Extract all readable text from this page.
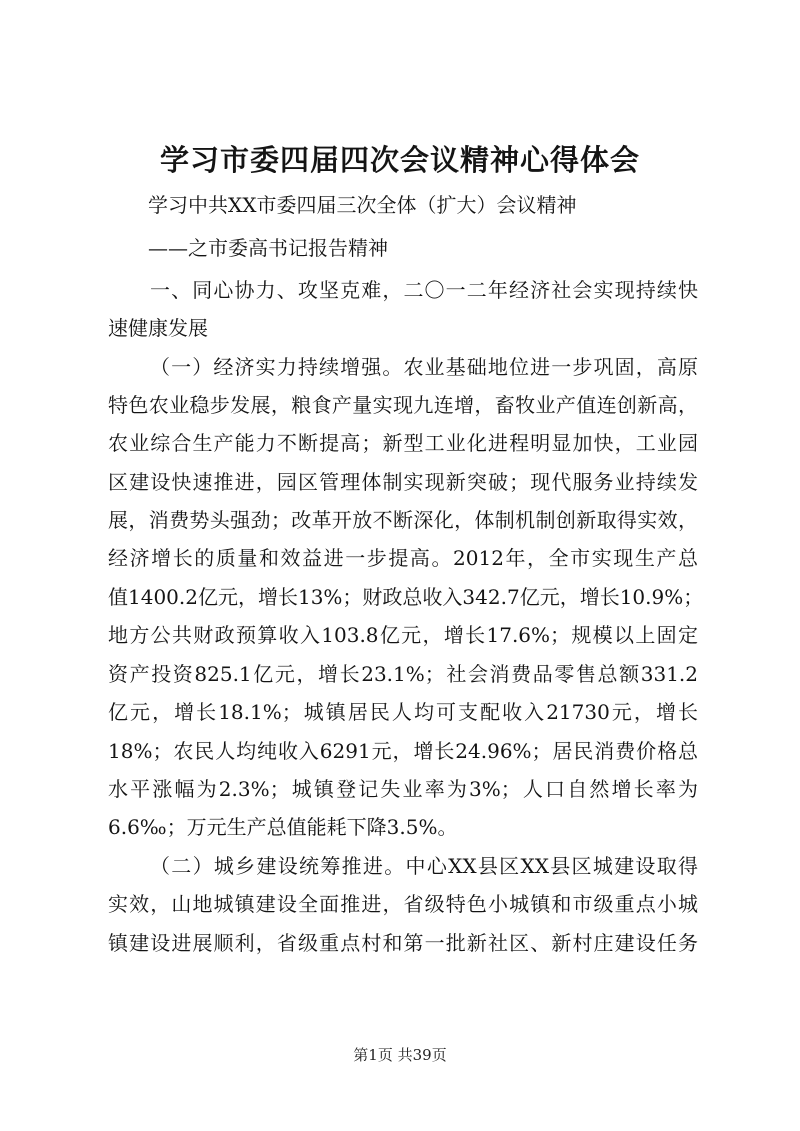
学习市委四届四次会议精神心得体会

学习中共XX市委四届三次全体（扩大）会议精神

——之市委高书记报告精神

一、同心协力、攻坚克难，二〇一二年经济社会实现持续快

速健康发展

（一）经济实力持续增强。农业基础地位进一步巩固，高原

特色农业稳步发展，粮食产量实现九连增，畜牧业产值连创新高，

农业综合生产能力不断提高；新型工业化进程明显加快，工业园

区建设快速推进，园区管理体制实现新突破；现代服务业持续发

展，消费势头强劲；改革开放不断深化，体制机制创新取得实效，

经济增长的质量和效益进一步提高。2012年，全市实现生产总

值1400.2亿元，增长13%；财政总收入342.7亿元，增长10.9%；

地方公共财政预算收入103.8亿元，增长17.6%；规模以上固定

资产投资825.1亿元，增长23.1%；社会消费品零售总额331.2

亿元，增长18.1%；城镇居民人均可支配收入21730元，增长

18%；农民人均纯收入6291元，增长24.96%；居民消费价格总

水平涨幅为2.3%；城镇登记失业率为3%；人口自然增长率为

6.6‰；万元生产总值能耗下降3.5%。

（二）城乡建设统筹推进。中心XX县区XX县区城建设取得

实效，山地城镇建设全面推进，省级特色小城镇和市级重点小城

镇建设进展顺利，省级重点村和第一批新社区、新村庄建设任务

第1页 共39页
